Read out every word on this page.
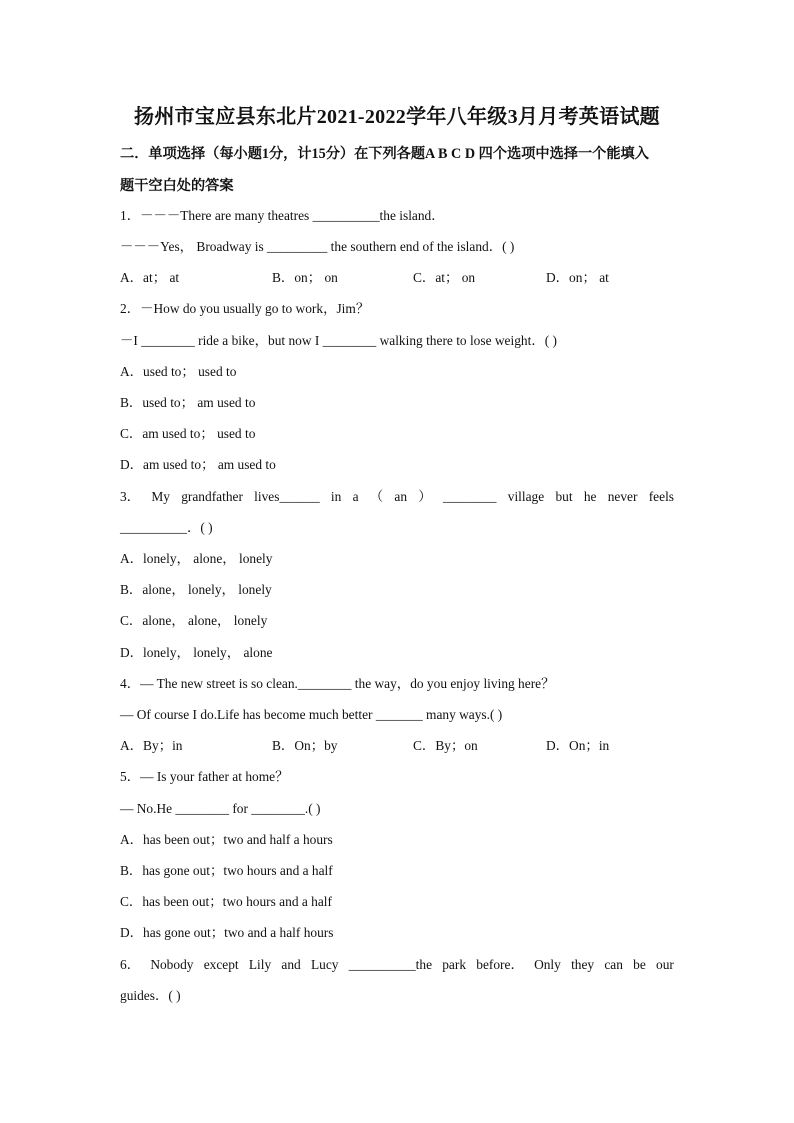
扬州市宝应县东北片2021-2022学年八年级3月月考英语试题
二．单项选择（每小题1分，计15分）在下列各题A B C D 四个选项中选择一个能填入
题干空白处的答案
1．－－－There are many theatres __________the island．
－－－Yes， Broadway is _________ the southern end of the island．( )
A．at； at	B．on； on	C．at； on	D．on； at
2．－How do you usually go to work，Jim？
－I ________ ride a bike，but now I ________ walking there to lose weight．( )
A．used to； used to
B．used to； am used to
C．am used to； used to
D．am used to； am used to
3． My grandfather lives______ in a （ an ） ________ village but he never feels
__________．( )
A．lonely， alone， lonely
B．alone， lonely， lonely
C．alone， alone， lonely
D．lonely， lonely， alone
4．— The new street is so clean.________ the way，do you enjoy living here？
— Of course I do.Life has become much better _______ many ways.( )
A．By；in	B．On；by	C．By；on	D．On；in
5．— Is your father at home？
— No.He ________ for ________.( )
A．has been out；two and half a hours
B．has gone out；two hours and a half
C．has been out；two hours and a half
D．has gone out；two and a half hours
6． Nobody except Lily and Lucy __________the park before． Only they can be our
guides．( )
